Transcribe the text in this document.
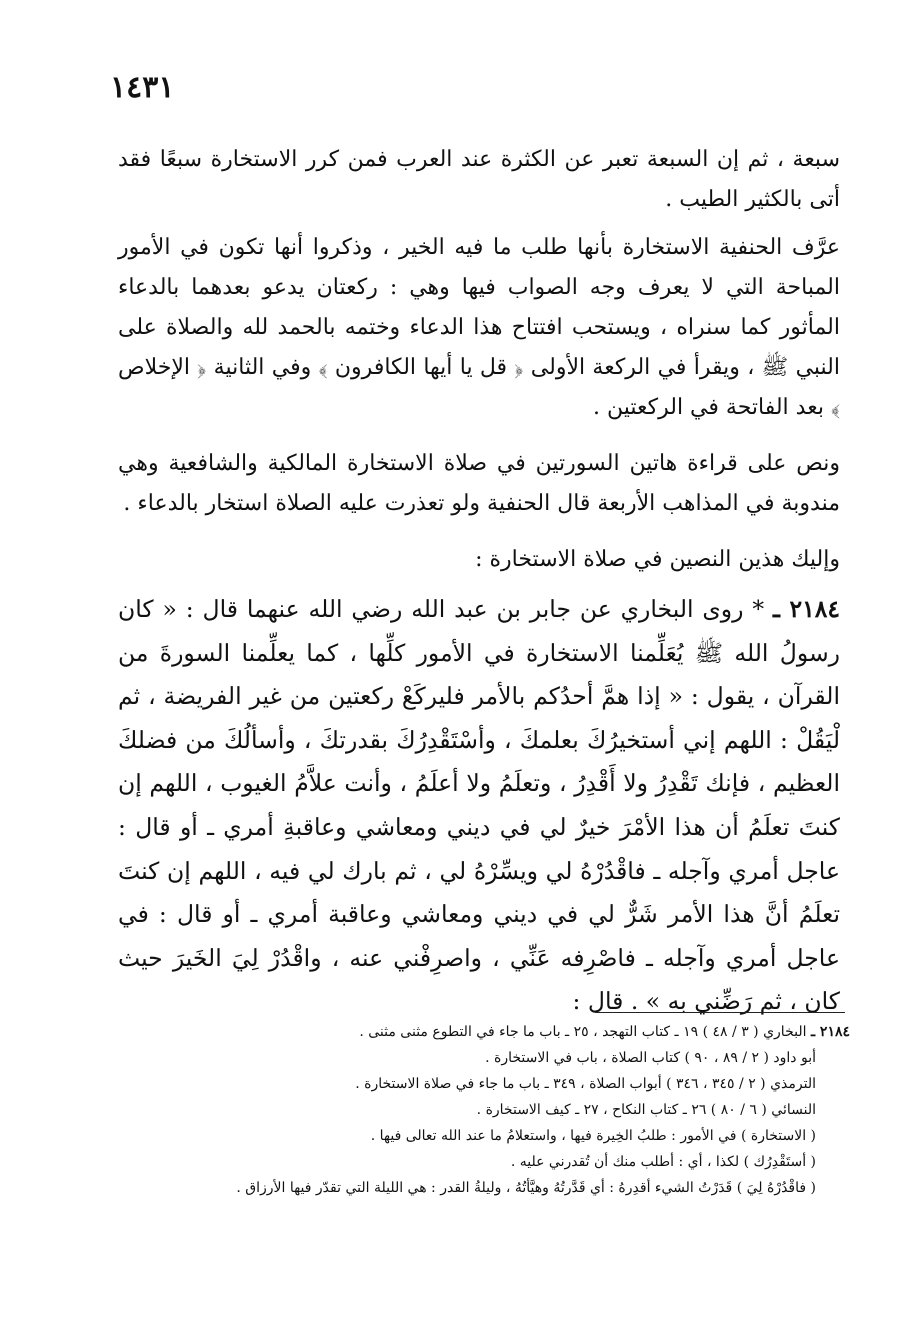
١٤٣١

سبعة ، ثم إن السبعة تعبر عن الكثرة عند العرب فمن كرر الاستخارة سبعًا فقد أتى بالكثير الطيب .

عرَّف الحنفية الاستخارة بأنها طلب ما فيه الخير ، وذكروا أنها تكون في الأمور المباحة التي لا يعرف وجه الصواب فيها وهي : ركعتان يدعو بعدهما بالدعاء المأثور كما سنراه ، ويستحب افتتاح هذا الدعاء وختمه بالحمد لله والصلاة على النبي ﷺ ، ويقرأ في الركعة الأولى ﴿ قل يا أيها الكافرون ﴾ وفي الثانية ﴿ الإخلاص ﴾ بعد الفاتحة في الركعتين .

ونص على قراءة هاتين السورتين في صلاة الاستخارة المالكية والشافعية وهي مندوبة في المذاهب الأربعة قال الحنفية ولو تعذرت عليه الصلاة استخار بالدعاء .

وإليك هذين النصين في صلاة الاستخارة :

٢١٨٤ ـ * روى البخاري عن جابر بن عبد الله رضي الله عنهما قال : « كان رسولُ الله ﷺ يُعَلِّمنا الاستخارة في الأمور كلِّها ، كما يعلِّمنا السورةَ من القرآن ، يقول : « إذا همَّ أحدُكم بالأمر فليركَعْ ركعتين من غير الفريضة ، ثم لْيَقُلْ : اللهم إني أستخيرُكَ بعلمكَ ، وأسْتَقْدِرُكَ بقدرتكَ ، وأسألُكَ من فضلكَ العظيم ، فإنك تَقْدِرُ ولا أَقْدِرُ ، وتعلَمُ ولا أعلَمُ ، وأنت علاَّمُ الغيوب ، اللهم إن كنتَ تعلَمُ أن هذا الأمْرَ خيرٌ لي في ديني ومعاشي وعاقبةِ أمري ـ أو قال : عاجل أمري وآجله ـ فاقْدُرْهُ لي ويسِّرْهُ لي ، ثم بارك لي فيه ، اللهم إن كنتَ تعلَمُ أنَّ هذا الأمر شَرٌّ لي في ديني ومعاشي وعاقبة أمري ـ أو قال : في عاجل أمري وآجله ـ فاصْرِفه عَنِّي ، واصرِفْني عنه ، واقْدُرْ لِيَ الخَيرَ حيث كان ، ثم رَضِّني به » . قال :

٢١٨٤ ـ البخاري ( ٣ / ٤٨ ) ١٩ ـ كتاب التهجد ، ٢٥ ـ باب ما جاء في التطوع مثنى مثنى .

أبو داود ( ٢ / ٨٩ ، ٩٠ ) كتاب الصلاة ، باب في الاستخارة .

الترمذي ( ٢ / ٣٤٥ ، ٣٤٦ ) أبواب الصلاة ، ٣٤٩ ـ باب ما جاء في صلاة الاستخارة .

النسائي ( ٦ / ٨٠ ) ٢٦ ـ كتاب النكاح ، ٢٧ ـ كيف الاستخارة .

( الاستخارة ) في الأمور : طلبُ الخِيرة فيها ، واستعلامُ ما عند الله تعالى فيها .

( أستَقْدِرُك ) لكذا ، أي : أطلب منك أن تُقدرني عليه .

( فاقْدُرْهُ لِيَ ) قَدَرْتُ الشيء أقدِرهُ : أي قَدَّرتُهُ وهيَّأتُهُ ، وليلةُ القدر : هي الليلة التي تقدّر فيها الأرزاق .
